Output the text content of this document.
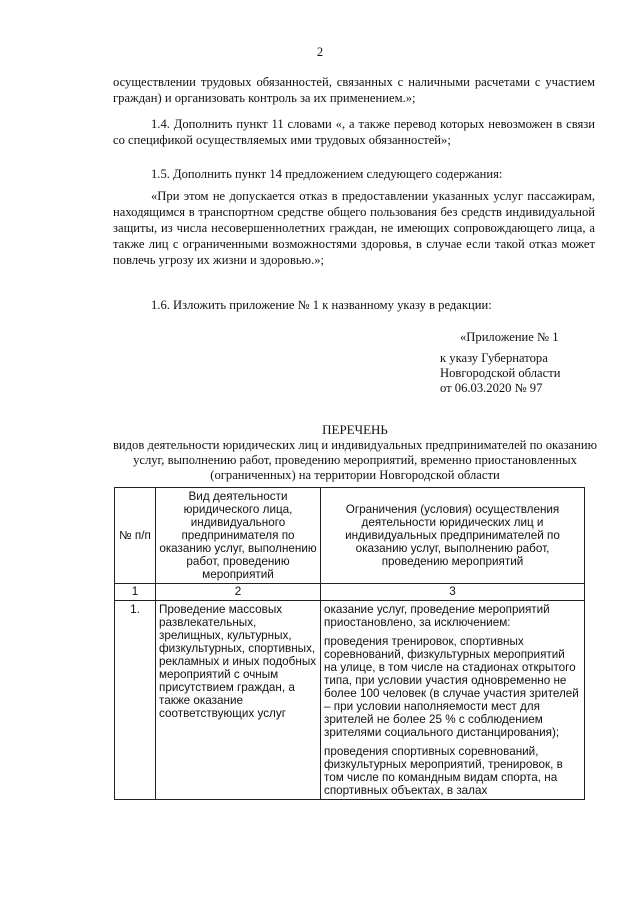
2

осуществлении трудовых обязанностей, связанных с наличными расчетами с участием граждан) и организовать контроль за их применением.»;

1.4. Дополнить пункт 11 словами «, а также перевод которых невозможен в связи со спецификой осуществляемых ими трудовых обязанностей»;

1.5. Дополнить пункт 14 предложением следующего содержания:

«При этом не допускается отказ в предоставлении указанных услуг пассажирам, находящимся в транспортном средстве общего пользования без средств индивидуальной защиты, из числа несовершеннолетних граждан, не имеющих сопровождающего лица, а также лиц с ограниченными возможностями здоровья, в случае если такой отказ может повлечь угрозу их жизни и здоровью.»;

1.6. Изложить приложение № 1 к названному указу в редакции:

«Приложение № 1
к указу Губернатора
Новгородской области
от 06.03.2020 № 97
ПЕРЕЧЕНЬ
видов деятельности юридических лиц и индивидуальных предпринимателей по оказанию услуг, выполнению работ, проведению мероприятий, временно приостановленных (ограниченных) на территории Новгородской области
№ п/п	Вид деятельности юридического лица, индивидуального предпринимателя по оказанию услуг, выполнению работ, проведению мероприятий	Ограничения (условия) осуществления деятельности юридических лиц и индивидуальных предпринимателей по оказанию услуг, выполнению работ, проведению мероприятий
1	2	3
1.	Проведение массовых развлекательных, зрелищных, культурных, физкультурных, спортивных, рекламных и иных подобных мероприятий с очным присутствием граждан, а также оказание соответствующих услуг	оказание услуг, проведение мероприятий приостановлено, за исключением:
проведения тренировок, спортивных соревнований, физкультурных мероприятий на улице, в том числе на стадионах открытого типа, при условии участия одновременно не более 100 человек (в случае участия зрителей – при условии наполняемости мест для зрителей не более 25 % с соблюдением зрителями социального дистанцирования);
проведения спортивных соревнований, физкультурных мероприятий, тренировок, в том числе по командным видам спорта, на спортивных объектах, в залах
